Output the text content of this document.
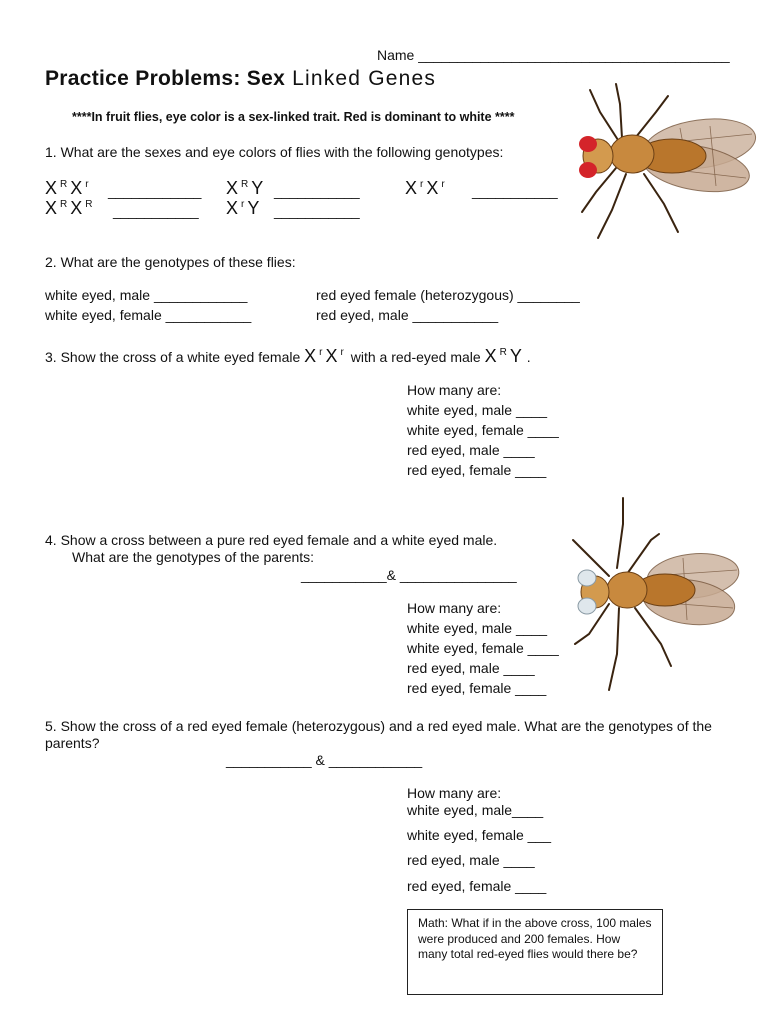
Name ________________________________________
Practice Problems: Sex Linked Genes
****In fruit flies, eye color is a sex-linked trait. Red is dominant to white ****
1. What are the sexes and eye colors of flies with the following genotypes:
X $^R$ X $^r$ ____________ X $^R$ Y ___________	X $^r$ X $^r$ ___________
X $^R$ X $^R$ ___________ X $^r$ Y ___________
2. What are the genotypes of these flies:
white eyed, male ____________
white eyed, female ___________
red eyed female (heterozygous) ________
red eyed, male ___________
3. Show the cross of a white eyed female X $^r$ X $^r$ with a red-eyed male X $^R$ Y .
How many are:
white eyed, male ____
white eyed, female ____
red eyed, male ____
red eyed, female ____
4. Show a cross between a pure red eyed female and a white eyed male.
What are the genotypes of the parents:
___________& _______________
How many are:
white eyed, male ____
white eyed, female ____
red eyed, male ____
red eyed, female ____
5. Show the cross of a red eyed female (heterozygous) and a red eyed male. What are the genotypes of the
parents?
___________ & ____________
How many are:
white eyed, male____
white eyed, female ___
red eyed, male ____
red eyed, female ____
Math: What if in the above cross, 100 males were produced and 200 females. How many total red-eyed flies would there be?
